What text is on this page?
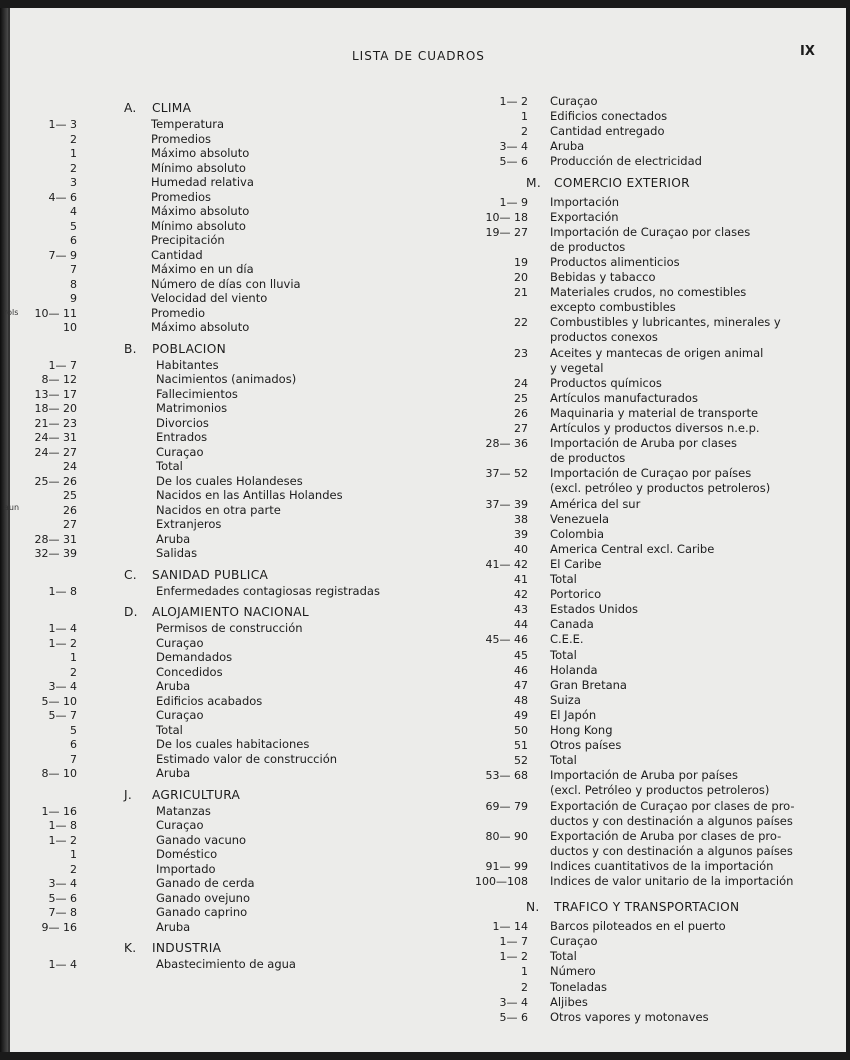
LISTA DE CUADROS	IX
rols
aun
A. CLIMA
1— 3	Temperatura
2	Promedios
1	Máximo absoluto
2	Mínimo absoluto
3	Humedad relativa
4— 6	Promedios
4	Máximo absoluto
5	Mínimo absoluto
6	Precipitación
7— 9	Cantidad
7	Máximo en un día
8	Número de días con lluvia
9	Velocidad del viento
10— 11	Promedio
10	Máximo absoluto
B. POBLACION
1— 7	Habitantes
8— 12	Nacimientos (animados)
13— 17	Fallecimientos
18— 20	Matrimonios
21— 23	Divorcios
24— 31	Entrados
24— 27	Curaçao
24	Total
25— 26	De los cuales Holandeses
25	Nacidos en las Antillas Holandes
26	Nacidos en otra parte
27	Extranjeros
28— 31	Aruba
32— 39	Salidas
C. SANIDAD PUBLICA
1— 8	Enfermedades contagiosas registradas
D. ALOJAMIENTO NACIONAL
1— 4	Permisos de construcción
1— 2	Curaçao
1	Demandados
2	Concedidos
3— 4	Aruba
5— 10	Edificios acabados
5— 7	Curaçao
5	Total
6	De los cuales habitaciones
7	Estimado valor de construcción
8— 10	Aruba
J. AGRICULTURA
1— 16	Matanzas
1— 8	Curaçao
1— 2	Ganado vacuno
1	Doméstico
2	Importado
3— 4	Ganado de cerda
5— 6	Ganado ovejuno
7— 8	Ganado caprino
9— 16	Aruba
K. INDUSTRIA
1— 4	Abastecimiento de agua
1— 2 Curaçao
1 Edificios conectados
2 Cantidad entregado
3— 4 Aruba
5— 6 Producción de electricidad
M. COMERCIO EXTERIOR
1— 9 Importación
10— 18 Exportación
19— 27 Importación de Curaçao por clases
de productos
19 Productos alimenticios
20 Bebidas y tabacco
21 Materiales crudos, no comestibles
excepto combustibles
22 Combustibles y lubricantes, minerales y
productos conexos
23 Aceites y mantecas de origen animal
y vegetal
24 Productos químicos
25 Artículos manufacturados
26 Maquinaria y material de transporte
27 Artículos y productos diversos n.e.p.
28— 36 Importación de Aruba por clases
de productos
37— 52 Importación de Curaçao por países
(excl. petróleo y productos petroleros)
37— 39 América del sur
38 Venezuela
39 Colombia
40 America Central excl. Caribe
41— 42 El Caribe
41 Total
42 Portorico
43 Estados Unidos
44 Canada
45— 46 C.E.E.
45 Total
46 Holanda
47 Gran Bretana
48 Suiza
49 El Japón
50 Hong Kong
51 Otros países
52 Total
53— 68 Importación de Aruba por países
(excl. Petróleo y productos petroleros)
69— 79 Exportación de Curaçao por clases de pro-
ductos y con destinación a algunos países
80— 90 Exportación de Aruba por clases de pro-
ductos y con destinación a algunos países
91— 99 Indices cuantitativos de la importación
100—108 Indices de valor unitario de la importación
N. TRAFICO Y TRANSPORTACION
1— 14 Barcos piloteados en el puerto
1— 7 Curaçao
1— 2 Total
1 Número
2 Toneladas
3— 4 Aljibes
5— 6 Otros vapores y motonaves
